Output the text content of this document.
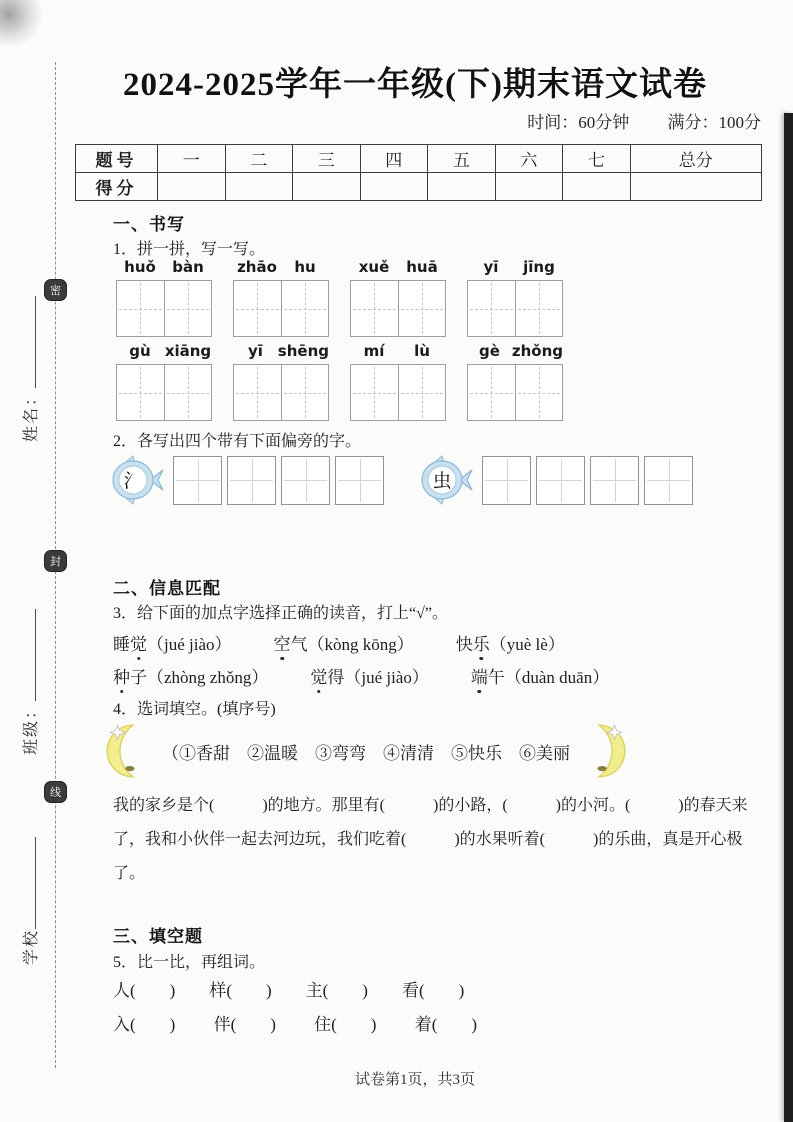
密
封
线
姓名：
班级：
学校
2024-2025学年一年级(下)期末语文试卷
时间：60分钟 满分：100分
题号	一	二	三	四	五	六	七	总分
得分								
一、书写
1．拼一拼，写一写。
huǒ	bàn	zhāo	hu	xuě	huā	yī	jīng
gù xiāng	yī shēng	mí	lù	gè zhǒng
2．各写出四个带有下面偏旁的字。
氵	虫
二、信息匹配
3．给下面的加点字选择正确的读音，打上“√”。
睡觉（jué jiào） 空气（kòng kōng） 快乐（yuè lè）
种子（zhòng zhǒng） 觉得（jué jiào） 端午（duàn duān）
4．选词填空。(填序号)
（①香甜　②温暖　③弯弯　④清清　⑤快乐　⑥美丽
我的家乡是个(　　　)的地方。那里有(　　　)的小路，(　　　)的小河。(　　　)的春天来
了，我和小伙伴一起去河边玩，我们吃着(　　　)的水果听着(　　　)的乐曲，真是开心极
了。
三、填空题
5．比一比，再组词。
人(　　)　　样(　　)　　主(　　)　　看(　　)
入(　　)　　 伴(　　)　　 住(　　)　　 着(　　)
试卷第1页，共3页
